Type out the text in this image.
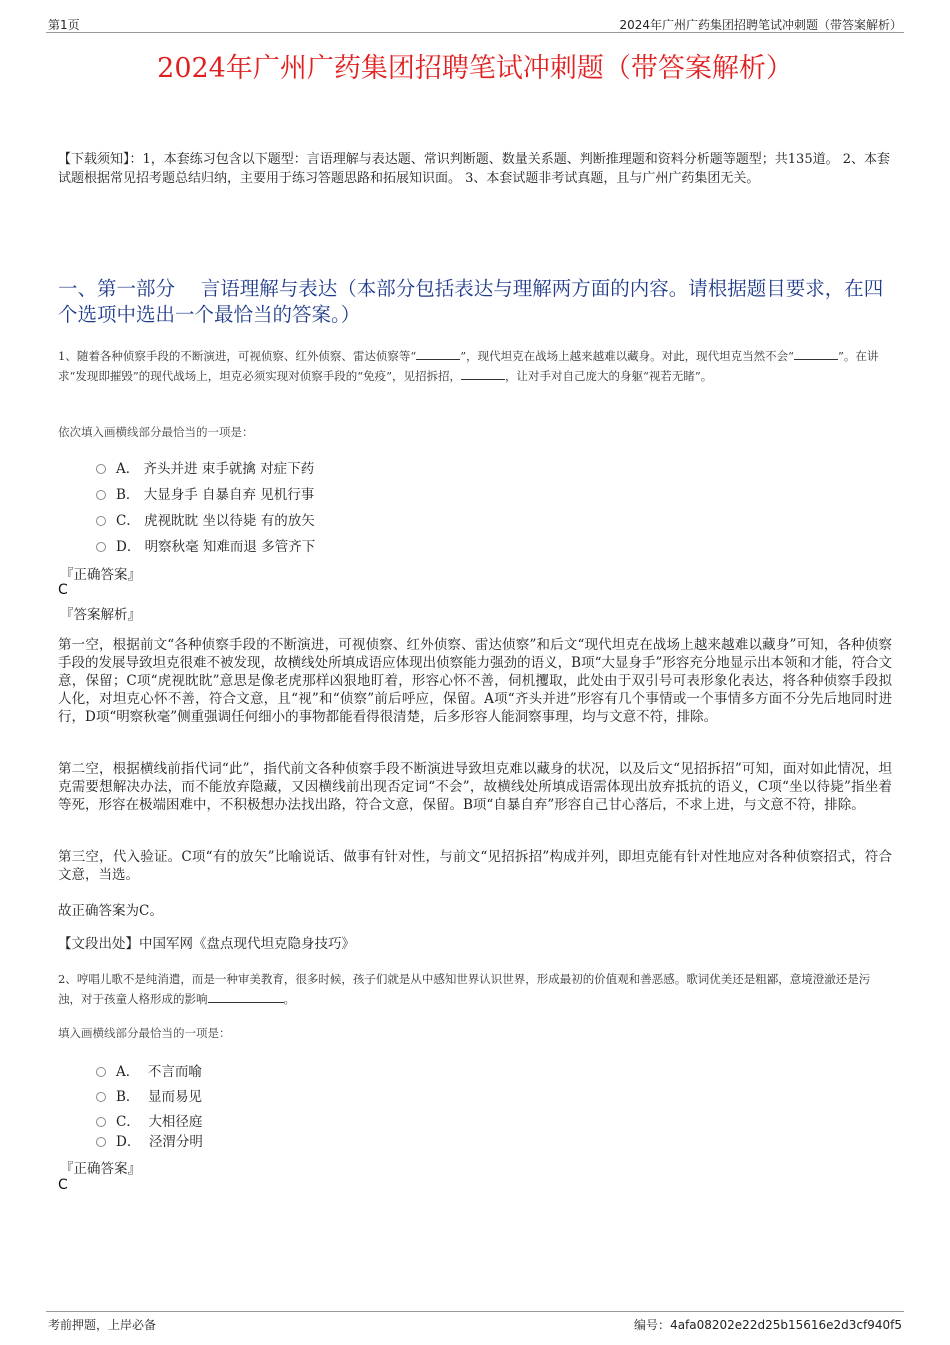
第1页	2024年广州广药集团招聘笔试冲刺题（带答案解析）
2024年广州广药集团招聘笔试冲刺题（带答案解析）
【下载须知】：1，本套练习包含以下题型：言语理解与表达题、常识判断题、数量关系题、判断推理题和资料分析题等题型；共135道。 2、本套试题根据常见招考题总结归纳，主要用于练习答题思路和拓展知识面。 3、本套试题非考试真题，且与广州广药集团无关。
一、第一部分　 言语理解与表达（本部分包括表达与理解两方面的内容。请根据题目要求，在四个选项中选出一个最恰当的答案。）
1、随着各种侦察手段的不断演进，可视侦察、红外侦察、雷达侦察等“	”，现代坦克在战场上越来越难以藏身。对此，现代坦克当然不会“	”。在讲求“发现即摧毁”的现代战场上，坦克必须实现对侦察手段的“免疫”，见招拆招，	，让对手对自己庞大的身躯“视若无睹”。
依次填入画横线部分最恰当的一项是：
A． 齐头并进 束手就擒 对症下药
B． 大显身手 自暴自弃 见机行事
C． 虎视眈眈 坐以待毙 有的放矢
D． 明察秋毫 知难而退 多管齐下
『正确答案』
C
『答案解析』
第一空，根据前文“各种侦察手段的不断演进，可视侦察、红外侦察、雷达侦察”和后文“现代坦克在战场上越来越难以藏身”可知，各种侦察手段的发展导致坦克很难不被发现，故横线处所填成语应体现出侦察能力强劲的语义，B项“大显身手”形容充分地显示出本领和才能，符合文意，保留；C项“虎视眈眈”意思是像老虎那样凶狠地盯着，形容心怀不善，伺机攫取，此处由于双引号可表形象化表达，将各种侦察手段拟人化，对坦克心怀不善，符合文意，且“视”和“侦察”前后呼应，保留。A项“齐头并进”形容有几个事情或一个事情多方面不分先后地同时进行，D项“明察秋毫”侧重强调任何细小的事物都能看得很清楚，后多形容人能洞察事理，均与文意不符，排除。
第二空，根据横线前指代词“此”，指代前文各种侦察手段不断演进导致坦克难以藏身的状况，以及后文“见招拆招”可知，面对如此情况，坦克需要想解决办法，而不能放弃隐藏，又因横线前出现否定词“不会”，故横线处所填成语需体现出放弃抵抗的语义，C项“坐以待毙”指坐着等死，形容在极端困难中，不积极想办法找出路，符合文意，保留。B项“自暴自弃”形容自己甘心落后，不求上进，与文意不符，排除。
第三空，代入验证。C项“有的放矢”比喻说话、做事有针对性，与前文“见招拆招”构成并列，即坦克能有针对性地应对各种侦察招式，符合文意，当选。
故正确答案为C。
【文段出处】中国军网《盘点现代坦克隐身技巧》
2、哼唱儿歌不是纯消遣，而是一种审美教育，很多时候，孩子们就是从中感知世界认识世界，形成最初的价值观和善恶感。歌词优美还是粗鄙，意境澄澈还是污浊，对于孩童人格形成的影响	。
填入画横线部分最恰当的一项是：
A． 不言而喻
B． 显而易见
C． 大相径庭
D． 泾渭分明
『正确答案』
C
考前押题，上岸必备	编号：4afa08202e22d25b15616e2d3cf940f5
